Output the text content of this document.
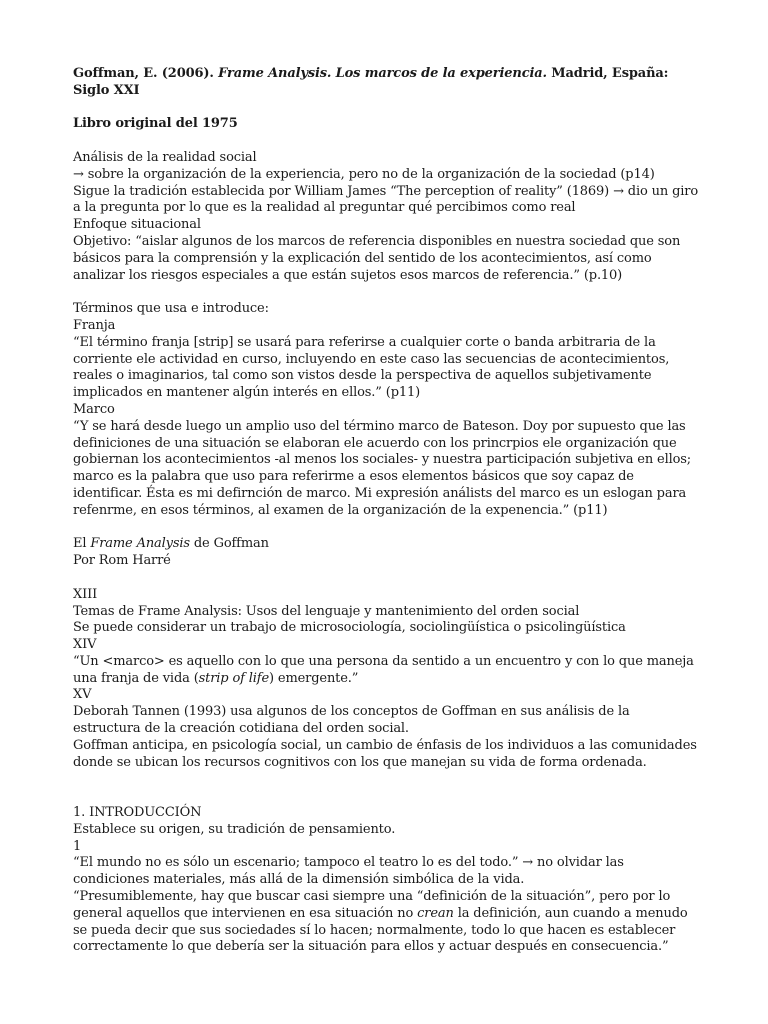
Goffman, E. (2006). Frame Analysis. Los marcos de la experiencia. Madrid, España: Siglo XXI

Libro original del 1975

Análisis de la realidad social

→ sobre la organización de la experiencia, pero no de la organización de la sociedad (p14)

Sigue la tradición establecida por William James “The perception of reality” (1869) → dio un giro a la pregunta por lo que es la realidad al preguntar qué percibimos como real

Enfoque situacional

Objetivo: “aislar algunos de los marcos de referencia disponibles en nuestra sociedad que son básicos para la comprensión y la explicación del sentido de los acontecimientos, así como analizar los riesgos especiales a que están sujetos esos marcos de referencia.” (p.10)

Términos que usa e introduce:

Franja

“El término franja [strip] se usará para referirse a cualquier corte o banda arbitraria de la corriente ele actividad en curso, incluyendo en este caso las secuencias de acontecimientos, reales o imaginarios, tal como son vistos desde la perspectiva de aquellos subjetivamente implicados en mantener algún interés en ellos.” (p11)

Marco

“Y se hará desde luego un amplio uso del término marco de Bateson. Doy por supuesto que las definiciones de una situación se elaboran ele acuerdo con los princrpios ele organización que gobiernan los acontecimientos -al menos los sociales- y nuestra participación subjetiva en ellos; marco es la palabra que uso para referirme a esos elementos básicos que soy capaz de identificar. Ésta es mi defirnción de marco. Mi expresión análists del marco es un eslogan para refenrme, en esos términos, al examen de la organización de la expenencia.” (p11)

El Frame Analysis de Goffman

Por Rom Harré

XIII

Temas de Frame Analysis: Usos del lenguaje y mantenimiento del orden social

Se puede considerar un trabajo de microsociología, sociolingüística o psicolingüística

XIV

“Un <marco> es aquello con lo que una persona da sentido a un encuentro y con lo que maneja una franja de vida (strip of life) emergente.”

XV

Deborah Tannen (1993) usa algunos de los conceptos de Goffman en sus análisis de la estructura de la creación cotidiana del orden social.

Goffman anticipa, en psicología social, un cambio de énfasis de los individuos a las comunidades donde se ubican los recursos cognitivos con los que manejan su vida de forma ordenada.

1. INTRODUCCIÓN

Establece su origen, su tradición de pensamiento.

1

“El mundo no es sólo un escenario; tampoco el teatro lo es del todo.” → no olvidar las condiciones materiales, más allá de la dimensión simbólica de la vida.

“Presumiblemente, hay que buscar casi siempre una “definición de la situación”, pero por lo general aquellos que intervienen en esa situación no crean la definición, aun cuando a menudo se pueda decir que sus sociedades sí lo hacen; normalmente, todo lo que hacen es establecer correctamente lo que debería ser la situación para ellos y actuar después en consecuencia.”
